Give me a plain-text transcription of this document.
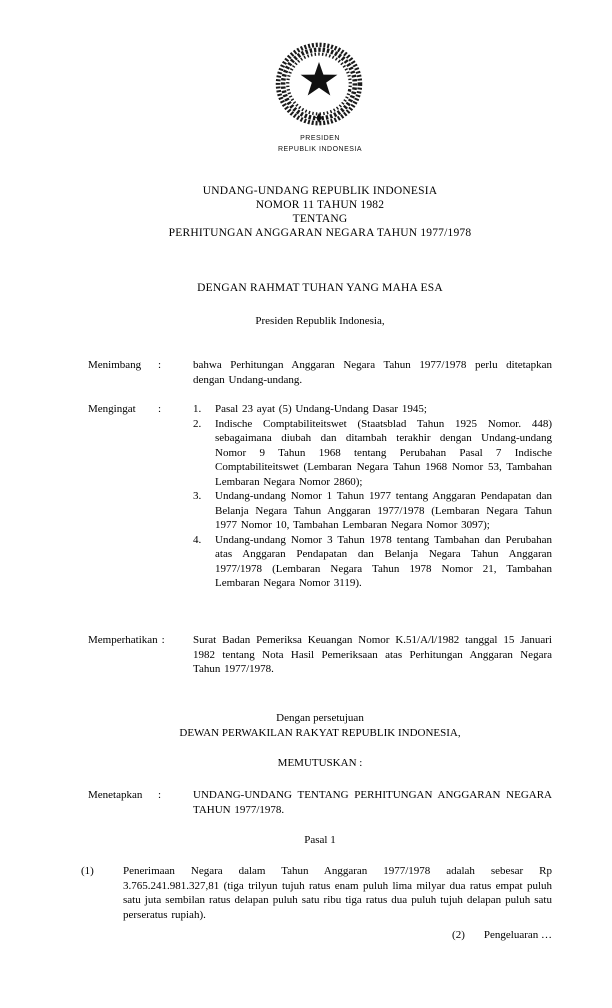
PRESIDEN
REPUBLIK INDONESIA
UNDANG-UNDANG REPUBLIK INDONESIA
NOMOR 11 TAHUN 1982
TENTANG
PERHITUNGAN ANGGARAN NEGARA TAHUN 1977/1978
DENGAN RAHMAT TUHAN YANG MAHA ESA
Presiden Republik Indonesia,
Menimbang	:	bahwa Perhitungan Anggaran Negara Tahun 1977/1978 perlu ditetapkan dengan Undang-undang.
Mengingat	:	1.	Pasal 23 ayat (5) Undang-Undang Dasar 1945;
2.	Indische Comptabiliteitswet (Staatsblad Tahun 1925 Nomor. 448) sebagaimana diubah dan ditambah terakhir dengan Undang-undang Nomor 9 Tahun 1968 tentang Perubahan Pasal 7 Indische Comptabiliteitswet (Lembaran Negara Tahun 1968 Nomor 53, Tambahan Lembaran Negara Nomor 2860);
3.	Undang-undang Nomor 1 Tahun 1977 tentang Anggaran Pendapatan dan Belanja Negara Tahun Anggaran 1977/1978 (Lembaran Negara Tahun 1977 Nomor 10, Tambahan Lembaran Negara Nomor 3097);
4.	Undang-undang Nomor 3 Tahun 1978 tentang Tambahan dan Perubahan atas Anggaran Pendapatan dan Belanja Negara Tahun Anggaran 1977/1978 (Lembaran Negara Tahun 1978 Nomor 21, Tambahan Lembaran Negara Nomor 3119).
Memperhatikan :	Surat Badan Pemeriksa Keuangan Nomor K.51/A/l/1982 tanggal 15 Januari 1982 tentang Nota Hasil Pemeriksaan atas Perhitungan Anggaran Negara Tahun 1977/1978.
Dengan persetujuan
DEWAN PERWAKILAN RAKYAT REPUBLIK INDONESIA,
MEMUTUSKAN :
Menetapkan	:	UNDANG-UNDANG TENTANG PERHITUNGAN ANGGARAN NEGARA TAHUN 1977/1978.
Pasal 1
(1)	Penerimaan Negara dalam Tahun Anggaran 1977/1978 adalah sebesar Rp 3.765.241.981.327,81 (tiga trilyun tujuh ratus enam puluh lima milyar dua ratus empat puluh satu juta sembilan ratus delapan puluh satu ribu tiga ratus dua puluh tujuh delapan puluh satu perseratus rupiah).
(2) Pengeluaran …
